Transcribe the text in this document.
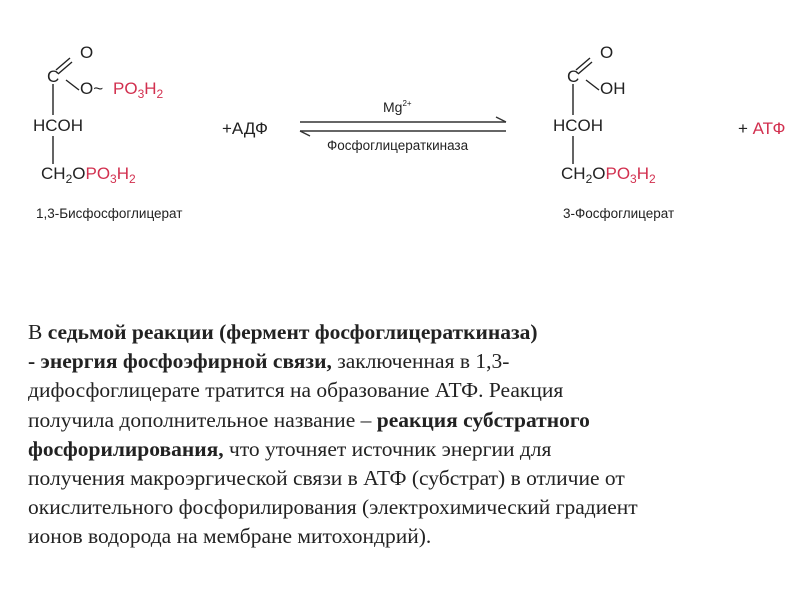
O
C
O~ $PO_3H_2$
HCOH
$CH_2OPO_3H_2$
1,3-Бисфосфоглицерат
+АДФ
$Mg^{2+}$
Фосфоглицераткиназа
O
C
OH
HCOH
$CH_2OPO_3H_2$
3-Фосфоглицерат
+ АТФ
В седьмой реакции (фермент фосфоглицераткиназа)
- энергия фосфоэфирной связи, заключенная в 1,3-
дифосфоглицерате тратится на образование АТФ. Реакция
получила дополнительное название – реакция субстратного
фосфорилирования, что уточняет источник энергии для
получения макроэргической связи в АТФ (субстрат) в отличие от
окислительного фосфорилирования (электрохимический градиент
ионов водорода на мембране митохондрий).
